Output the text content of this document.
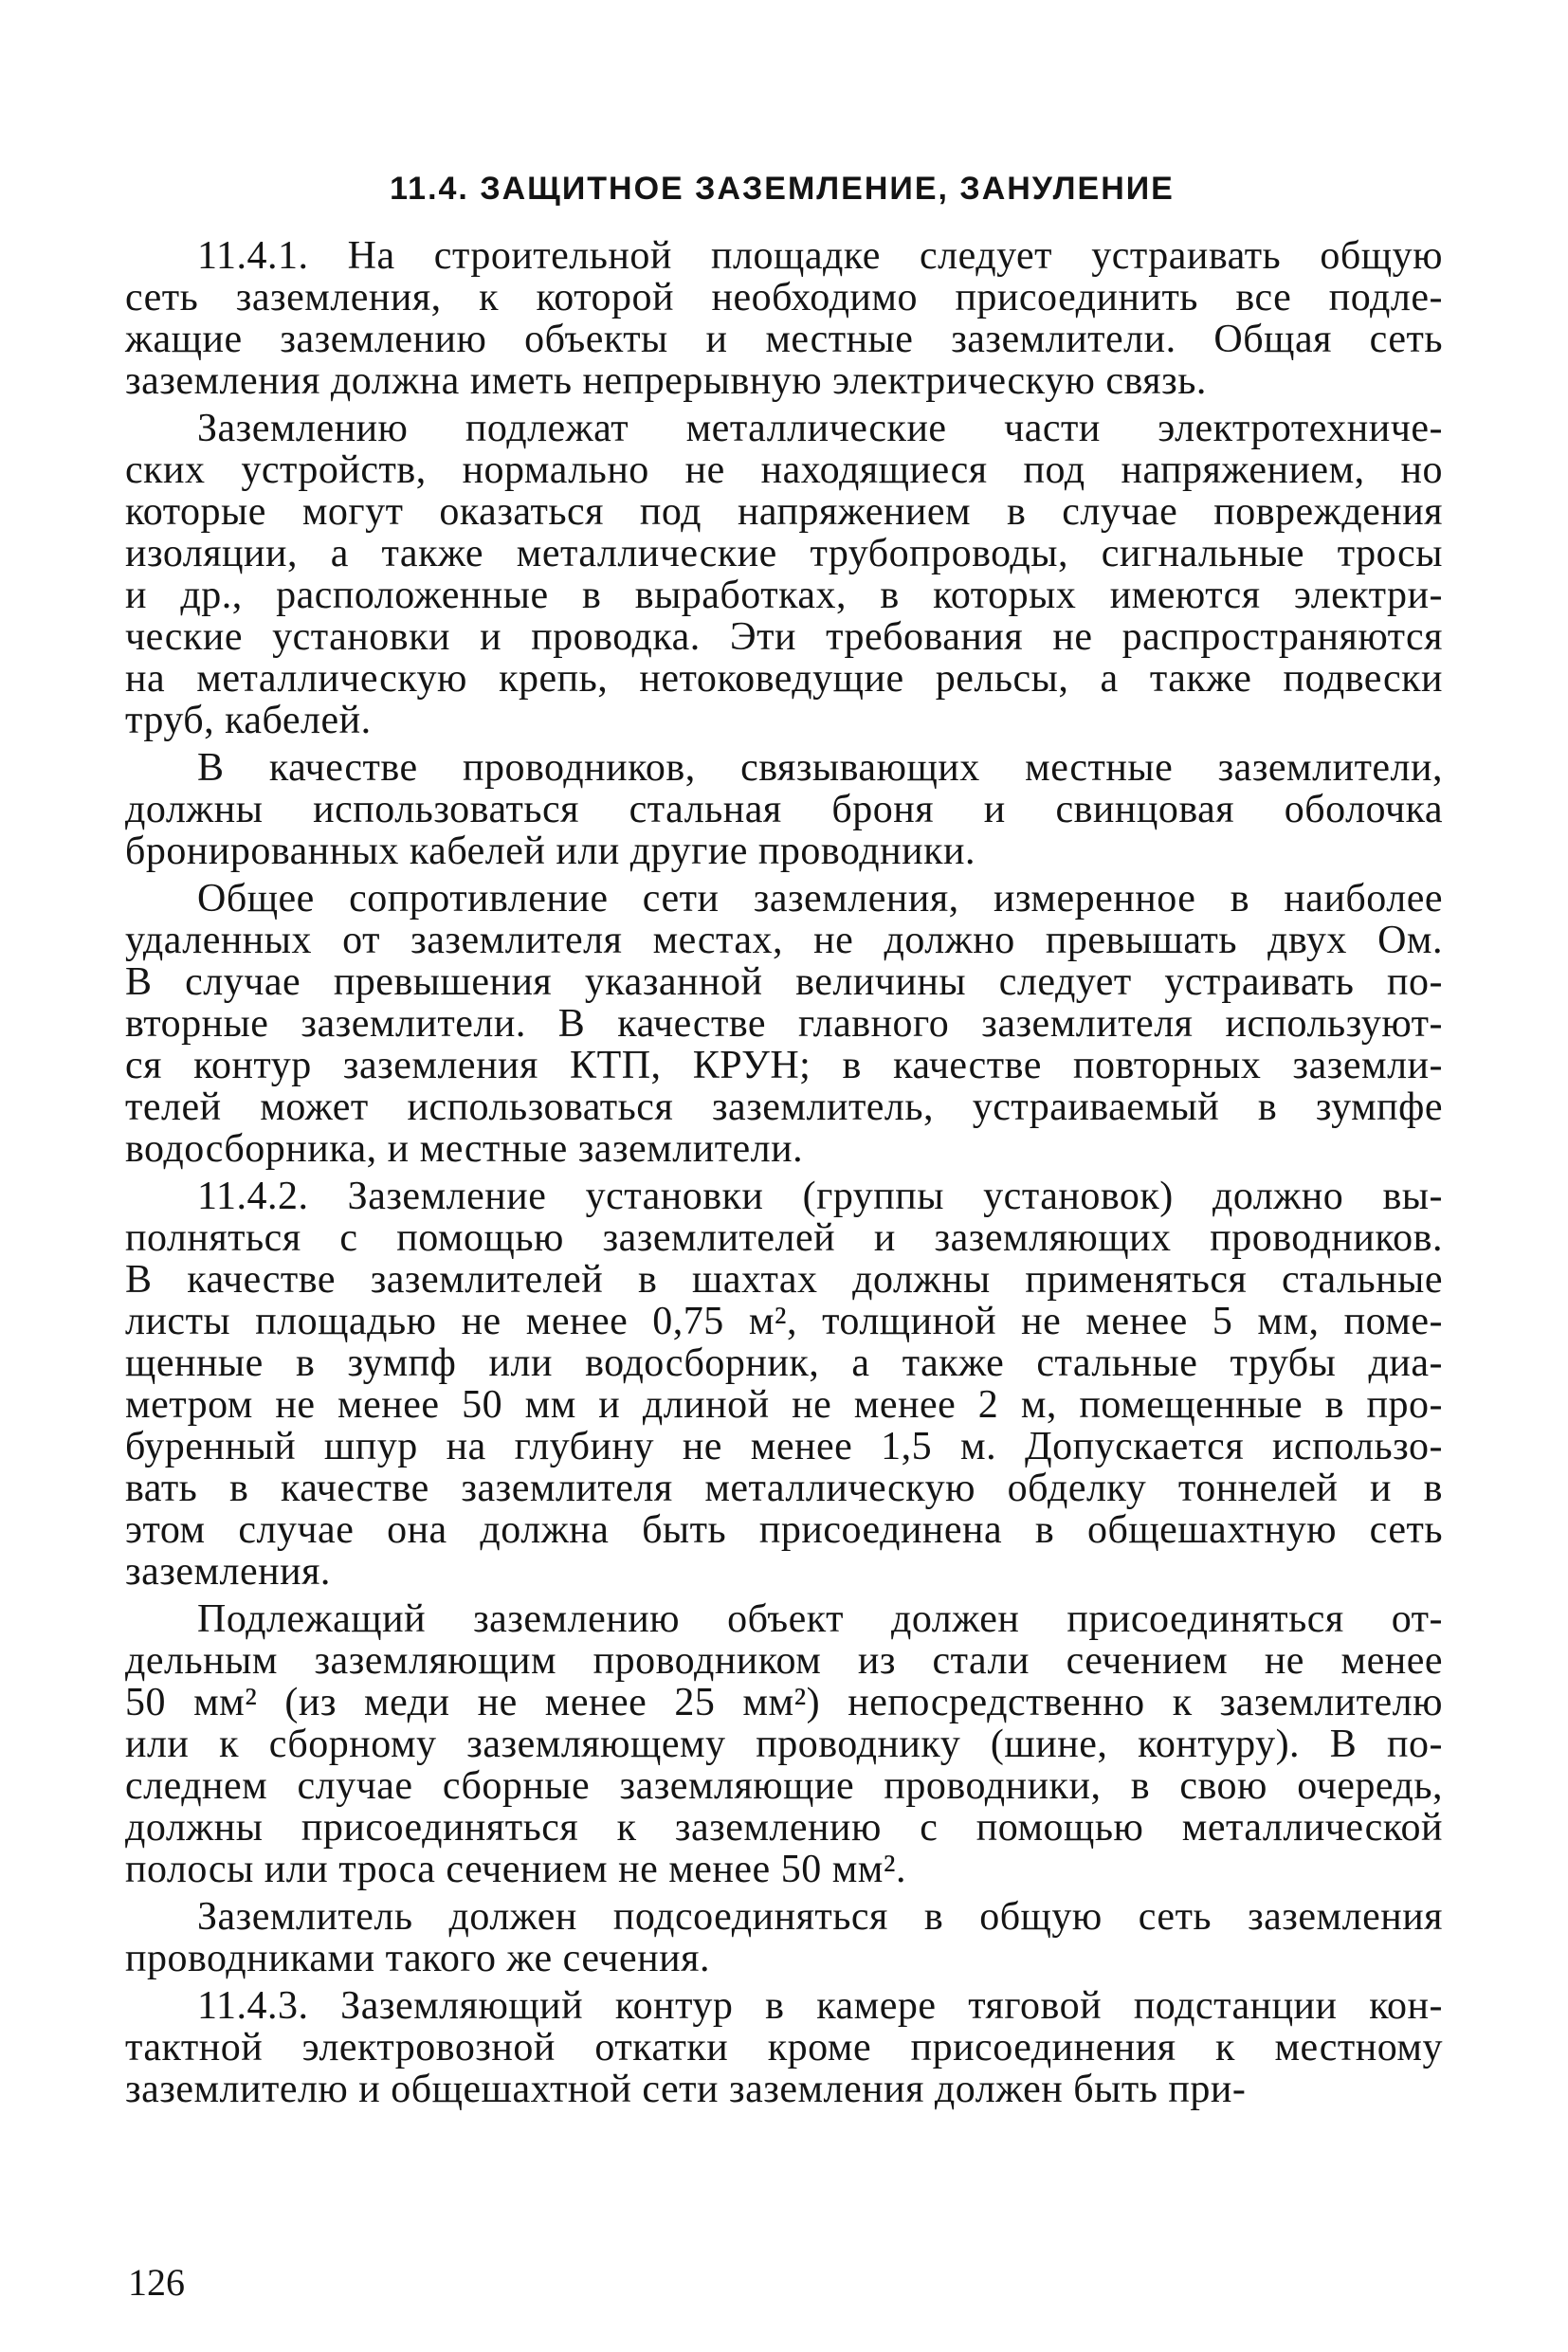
11.4. ЗАЩИТНОЕ ЗАЗЕМЛЕНИЕ, ЗАНУЛЕНИЕ

11.4.1. На строительной площадке следует устраивать общую
сеть заземления, к которой необходимо присоединить все подле-
жащие заземлению объекты и местные заземлители. Общая сеть
заземления должна иметь непрерывную электрическую связь.

Заземлению подлежат металлические части электротехниче-
ских устройств, нормально не находящиеся под напряжением, но
которые могут оказаться под напряжением в случае повреждения
изоляции, а также металлические трубопроводы, сигнальные тросы
и др., расположенные в выработках, в которых имеются электри-
ческие установки и проводка. Эти требования не распространяются
на металлическую крепь, нетоковедущие рельсы, а также подвески
труб, кабелей.

В качестве проводников, связывающих местные заземлители,
должны использоваться стальная броня и свинцовая оболочка
бронированных кабелей или другие проводники.

Общее сопротивление сети заземления, измеренное в наиболее
удаленных от заземлителя местах, не должно превышать двух Ом.
В случае превышения указанной величины следует устраивать по-
вторные заземлители. В качестве главного заземлителя используют-
ся контур заземления КТП, КРУН; в качестве повторных заземли-
телей может использоваться заземлитель, устраиваемый в зумпфе
водосборника, и местные заземлители.

11.4.2. Заземление установки (группы установок) должно вы-
полняться с помощью заземлителей и заземляющих проводников.
В качестве заземлителей в шахтах должны применяться стальные
листы площадью не менее 0,75 м², толщиной не менее 5 мм, поме-
щенные в зумпф или водосборник, а также стальные трубы диа-
метром не менее 50 мм и длиной не менее 2 м, помещенные в про-
буренный шпур на глубину не менее 1,5 м. Допускается использо-
вать в качестве заземлителя металлическую обделку тоннелей и в
этом случае она должна быть присоединена в общешахтную сеть
заземления.

Подлежащий заземлению объект должен присоединяться от-
дельным заземляющим проводником из стали сечением не менее
50 мм² (из меди не менее 25 мм²) непосредственно к заземлителю
или к сборному заземляющему проводнику (шине, контуру). В по-
следнем случае сборные заземляющие проводники, в свою очередь,
должны присоединяться к заземлению с помощью металлической
полосы или троса сечением не менее 50 мм².

Заземлитель должен подсоединяться в общую сеть заземления
проводниками такого же сечения.

11.4.3. Заземляющий контур в камере тяговой подстанции кон-
тактной электровозной откатки кроме присоединения к местному
заземлителю и общешахтной сети заземления должен быть при-

126
